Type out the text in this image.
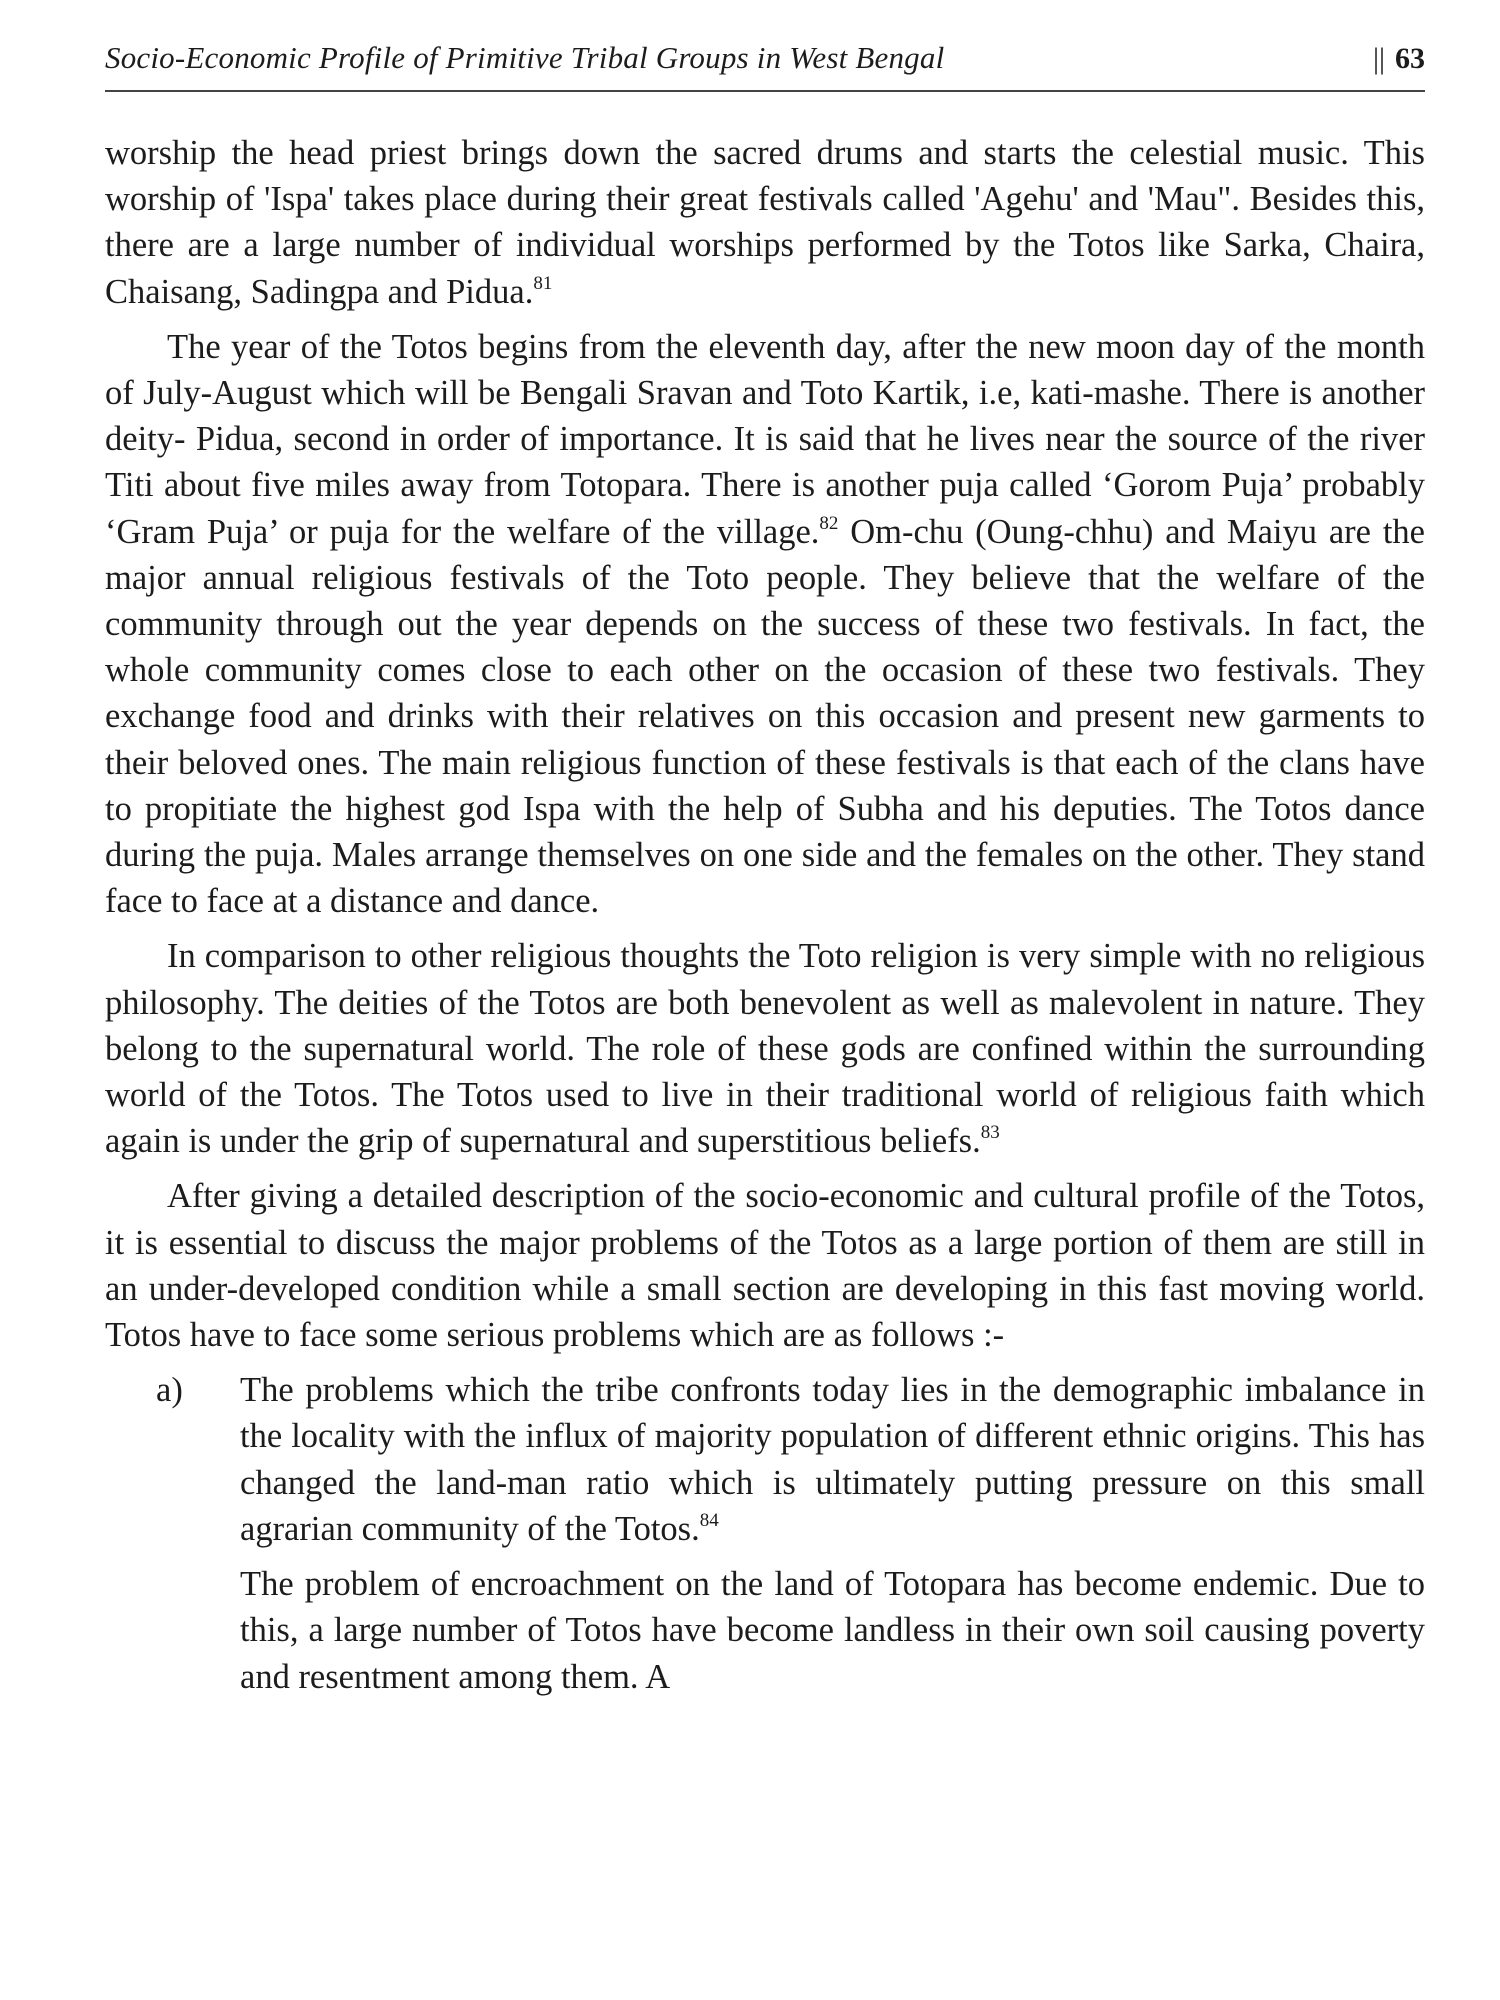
Socio-Economic Profile of Primitive Tribal Groups in West Bengal	|| 63

worship the head priest brings down the sacred drums and starts the celestial music. This worship of 'Ispa' takes place during their great festivals called 'Agehu' and 'Mau". Besides this, there are a large number of individual worships performed by the Totos like Sarka, Chaira, Chaisang, Sadingpa and Pidua.$^{81}$

The year of the Totos begins from the eleventh day, after the new moon day of the month of July-August which will be Bengali Sravan and Toto Kartik, i.e, kati-mashe. There is another deity- Pidua, second in order of importance. It is said that he lives near the source of the river Titi about five miles away from Totopara. There is another puja called ‘Gorom Puja’ probably ‘Gram Puja’ or puja for the welfare of the village.$^{82}$ Om-chu (Oung-chhu) and Maiyu are the major annual religious festivals of the Toto people. They believe that the welfare of the community through out the year depends on the success of these two festivals. In fact, the whole community comes close to each other on the occasion of these two festivals. They exchange food and drinks with their relatives on this occasion and present new garments to their beloved ones. The main religious function of these festivals is that each of the clans have to propitiate the highest god Ispa with the help of Subha and his deputies. The Totos dance during the puja. Males arrange themselves on one side and the females on the other. They stand face to face at a distance and dance.

In comparison to other religious thoughts the Toto religion is very simple with no religious philosophy. The deities of the Totos are both benevolent as well as malevolent in nature. They belong to the supernatural world. The role of these gods are confined within the surrounding world of the Totos. The Totos used to live in their traditional world of religious faith which again is under the grip of supernatural and superstitious beliefs.$^{83}$

After giving a detailed description of the socio-economic and cultural profile of the Totos, it is essential to discuss the major problems of the Totos as a large portion of them are still in an under-developed condition while a small section are developing in this fast moving world. Totos have to face some serious problems which are as follows :-

a)	The problems which the tribe confronts today lies in the demographic imbalance in the locality with the influx of majority population of different ethnic origins. This has changed the land-man ratio which is ultimately putting pressure on this small agrarian community of the Totos.$^{84}$

The problem of encroachment on the land of Totopara has become endemic. Due to this, a large number of Totos have become landless in their own soil causing poverty and resentment among them. A
